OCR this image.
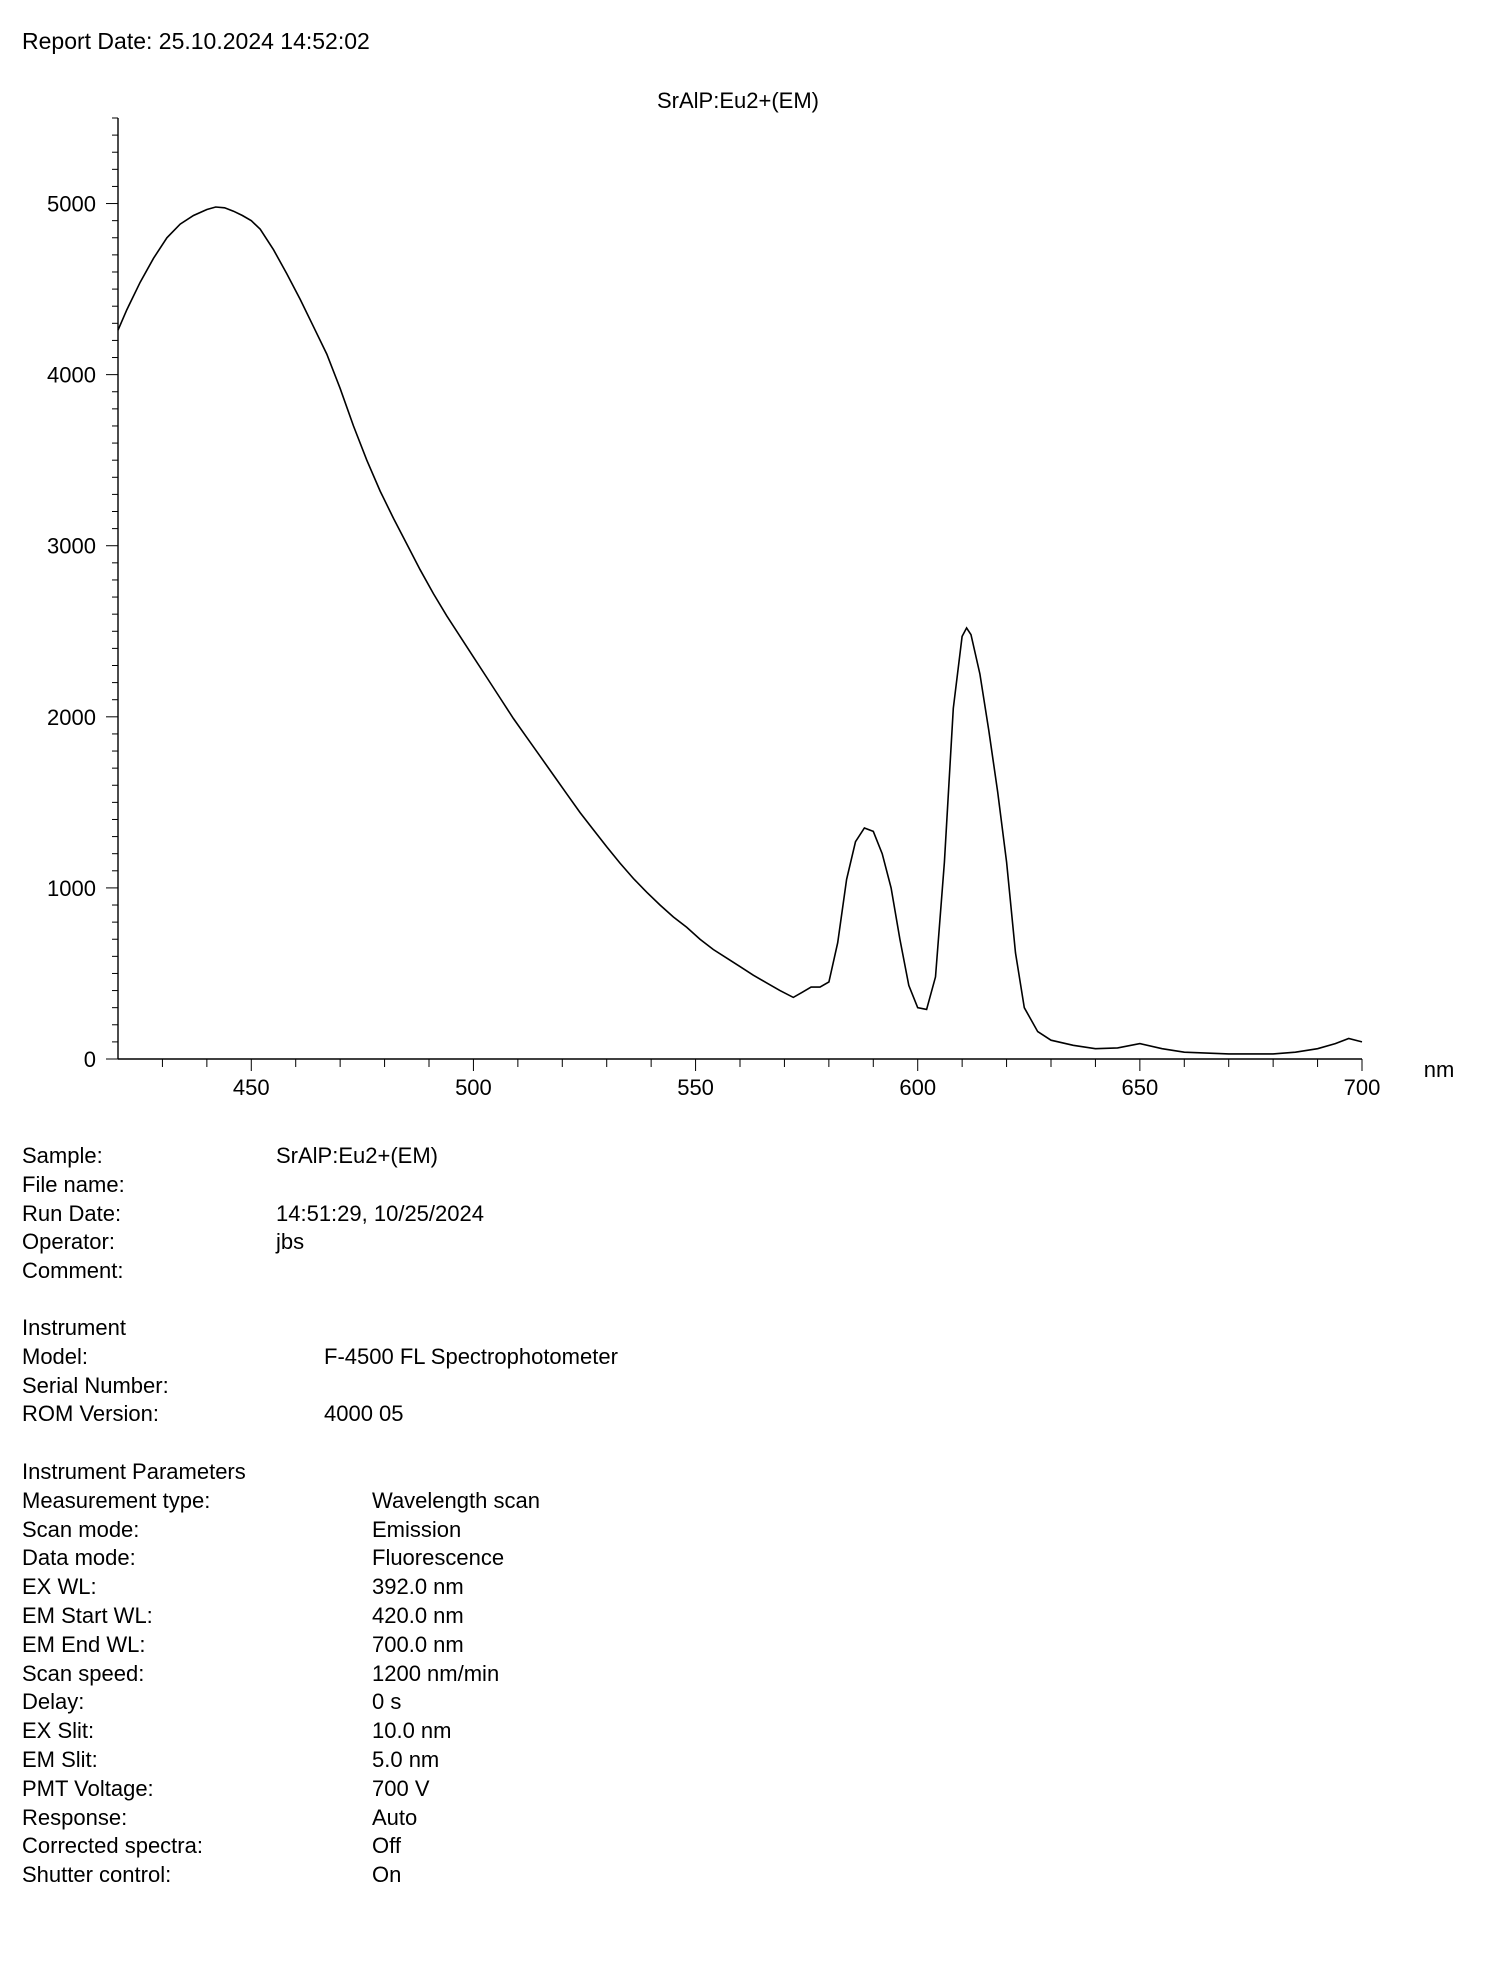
Report Date: 25.10.2024 14:52:02
SrAlP:Eu2+(EM)
0
1000
2000
3000
4000
5000
450	500	550	600	650	700
nm
Sample:	SrAlP:Eu2+(EM)
File name:
Run Date:	14:51:29, 10/25/2024
Operator:	jbs
Comment:
Instrument
Model:	F-4500 FL Spectrophotometer
Serial Number:
ROM Version:	4000 05
Instrument Parameters
Measurement type:	Wavelength scan
Scan mode:	Emission
Data mode:	Fluorescence
EX WL:	392.0 nm
EM Start WL:	420.0 nm
EM End WL:	700.0 nm
Scan speed:	1200 nm/min
Delay:	0 s
EX Slit:	10.0 nm
EM Slit:	5.0 nm
PMT Voltage:	700 V
Response:	Auto
Corrected spectra:	Off
Shutter control:	On
